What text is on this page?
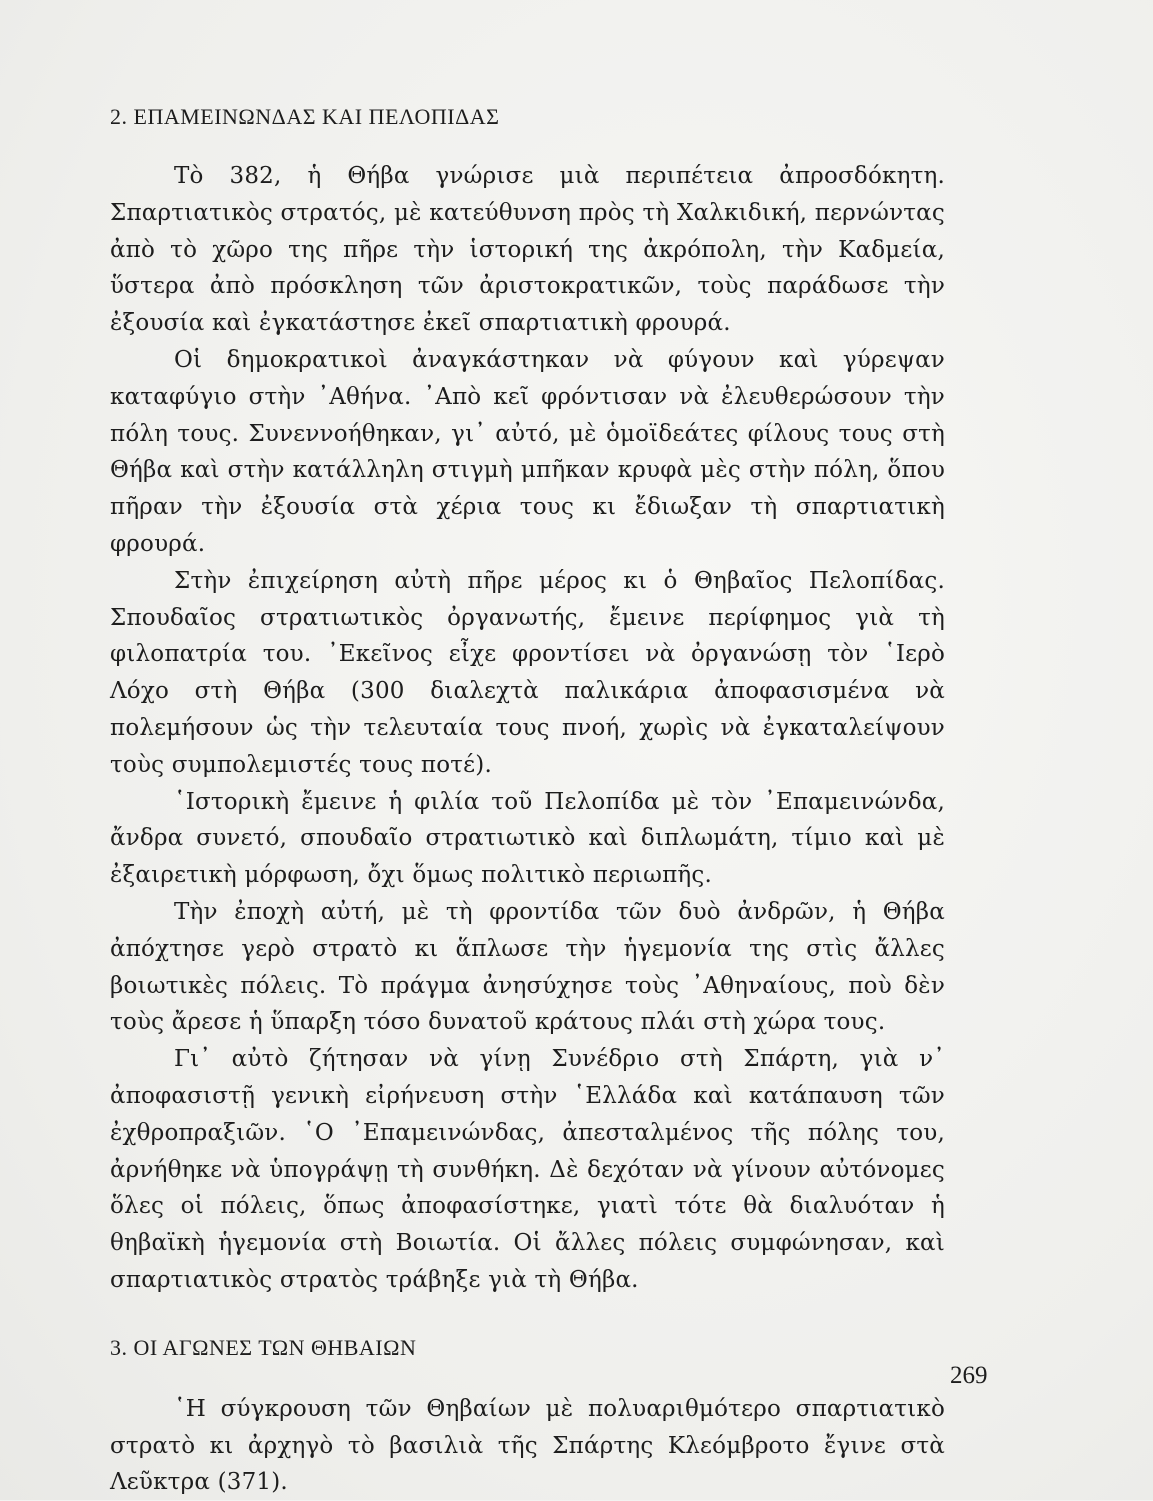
2. ΕΠΑΜΕΙΝΩΝΔΑΣ ΚΑΙ ΠΕΛΟΠΙΔΑΣ

Τὸ 382, ἡ Θήβα γνώρισε μιὰ περιπέτεια ἀπροσδόκητη. Σπαρτιατικὸς στρατός, μὲ κατεύθυνση πρὸς τὴ Χαλκιδική, περνώντας ἀπὸ τὸ χῶρο της πῆρε τὴν ἱστορική της ἀκρόπολη, τὴν Καδμεία, ὕστερα ἀπὸ πρόσκληση τῶν ἀριστοκρατικῶν, τοὺς παράδωσε τὴν ἐξουσία καὶ ἐγκατάστησε ἐκεῖ σπαρτιατικὴ φρουρά.

Οἱ δημοκρατικοὶ ἀναγκάστηκαν νὰ φύγουν καὶ γύρεψαν καταφύγιο στὴν ᾿Αθήνα. ᾿Απὸ κεῖ φρόντισαν νὰ ἐλευθερώσουν τὴν πόλη τους. Συνεννοήθηκαν, γι᾿ αὐτό, μὲ ὁμοϊδεάτες φίλους τους στὴ Θήβα καὶ στὴν κατάλληλη στιγμὴ μπῆκαν κρυφὰ μὲς στὴν πόλη, ὅπου πῆραν τὴν ἐξουσία στὰ χέρια τους κι ἔδιωξαν τὴ σπαρτιατικὴ φρουρά.

Στὴν ἐπιχείρηση αὐτὴ πῆρε μέρος κι ὁ Θηβαῖος Πελοπίδας. Σπουδαῖος στρατιωτικὸς ὀργανωτής, ἔμεινε περίφημος γιὰ τὴ φιλοπατρία του. ᾿Εκεῖνος εἶχε φροντίσει νὰ ὀργανώσῃ τὸν ῾Ιερὸ Λόχο στὴ Θήβα (300 διαλεχτὰ παλικάρια ἀποφασισμένα νὰ πολεμήσουν ὡς τὴν τελευταία τους πνοή, χωρὶς νὰ ἐγκαταλείψουν τοὺς συμπολεμιστές τους ποτέ).

῾Ιστορικὴ ἔμεινε ἡ φιλία τοῦ Πελοπίδα μὲ τὸν ᾿Επαμεινώνδα, ἄνδρα συνετό, σπουδαῖο στρατιωτικὸ καὶ διπλωμάτη, τίμιο καὶ μὲ ἐξαιρετικὴ μόρφωση, ὄχι ὅμως πολιτικὸ περιωπῆς.

Τὴν ἐποχὴ αὐτή, μὲ τὴ φροντίδα τῶν δυὸ ἀνδρῶν, ἡ Θήβα ἀπόχτησε γερὸ στρατὸ κι ἅπλωσε τὴν ἡγεμονία της στὶς ἄλλες βοιωτικὲς πόλεις. Τὸ πράγμα ἀνησύχησε τοὺς ᾿Αθηναίους, ποὺ δὲν τοὺς ἄρεσε ἡ ὕπαρξη τόσο δυνατοῦ κράτους πλάι στὴ χώρα τους.

Γι᾿ αὐτὸ ζήτησαν νὰ γίνῃ Συνέδριο στὴ Σπάρτη, γιὰ ν᾿ ἀποφασιστῇ γενικὴ εἰρήνευση στὴν ῾Ελλάδα καὶ κατάπαυση τῶν ἐχθροπραξιῶν. ῾Ο ᾿Επαμεινώνδας, ἀπεσταλμένος τῆς πόλης του, ἀρνήθηκε νὰ ὑπογράψῃ τὴ συνθήκη. Δὲ δεχόταν νὰ γίνουν αὐτόνομες ὅλες οἱ πόλεις, ὅπως ἀποφασίστηκε, γιατὶ τότε θὰ διαλυόταν ἡ θηβαϊκὴ ἡγεμονία στὴ Βοιωτία. Οἱ ἄλλες πόλεις συμφώνησαν, καὶ σπαρτιατικὸς στρατὸς τράβηξε γιὰ τὴ Θήβα.

3. ΟΙ ΑΓΩΝΕΣ ΤΩΝ ΘΗΒΑΙΩΝ

῾Η σύγκρουση τῶν Θηβαίων μὲ πολυαριθμότερο σπαρτιατικὸ στρατὸ κι ἀρχηγὸ τὸ βασιλιὰ τῆς Σπάρτης Κλεόμβροτο ἔγινε στὰ Λεῦκτρα (371).

269
